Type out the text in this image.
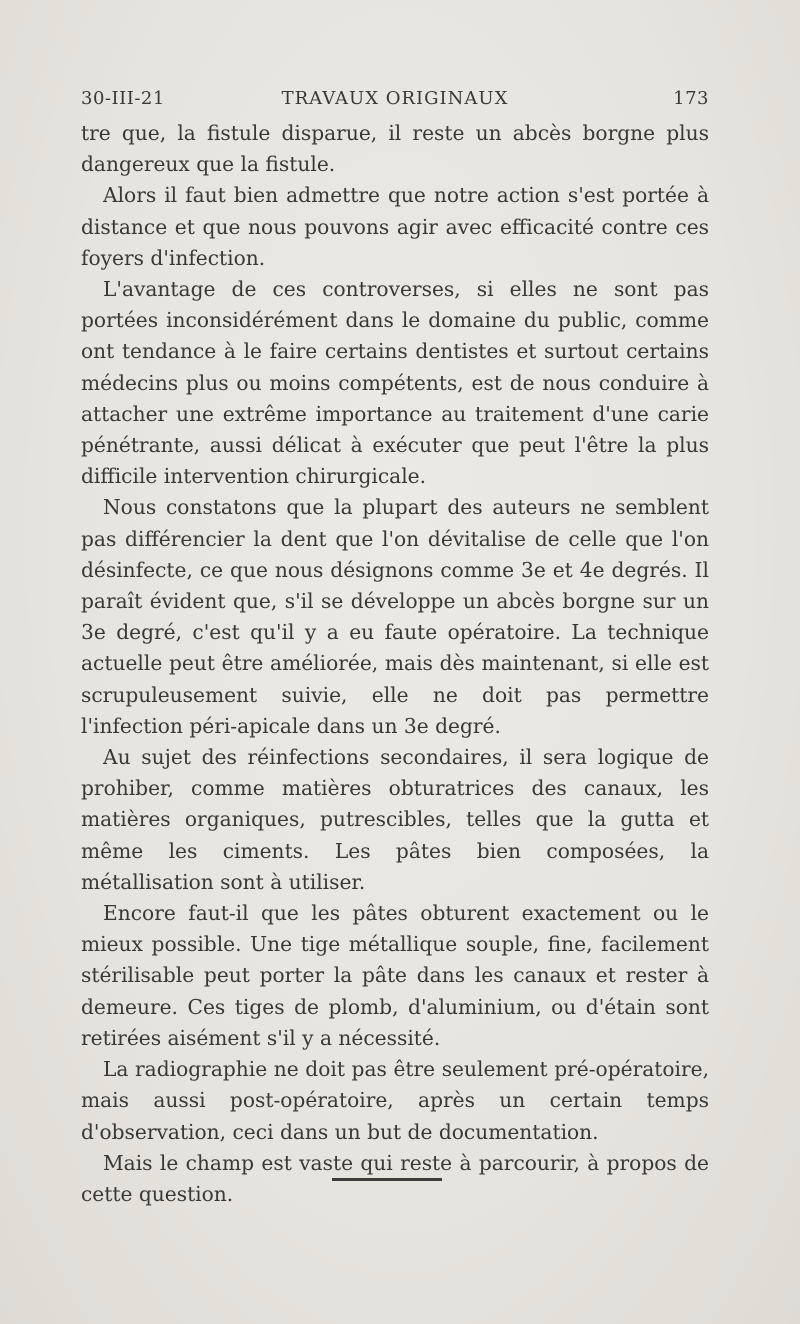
30-III-21	TRAVAUX ORIGINAUX	173

tre que, la fistule disparue, il reste un abcès borgne plus dangereux que la fistule.

Alors il faut bien admettre que notre action s'est portée à distance et que nous pouvons agir avec efficacité contre ces foyers d'infection.

L'avantage de ces controverses, si elles ne sont pas portées inconsidérément dans le domaine du public, comme ont tendance à le faire certains dentistes et surtout certains médecins plus ou moins compétents, est de nous conduire à attacher une extrême importance au traitement d'une carie pénétrante, aussi délicat à exécuter que peut l'être la plus difficile intervention chirurgicale.

Nous constatons que la plupart des auteurs ne semblent pas différencier la dent que l'on dévitalise de celle que l'on désinfecte, ce que nous désignons comme 3e et 4e degrés. Il paraît évident que, s'il se développe un abcès borgne sur un 3e degré, c'est qu'il y a eu faute opératoire. La technique actuelle peut être améliorée, mais dès maintenant, si elle est scrupuleusement suivie, elle ne doit pas permettre l'infection péri-apicale dans un 3e degré.

Au sujet des réinfections secondaires, il sera logique de prohiber, comme matières obturatrices des canaux, les matières organiques, putrescibles, telles que la gutta et même les ciments. Les pâtes bien composées, la métallisation sont à utiliser.

Encore faut-il que les pâtes obturent exactement ou le mieux possible. Une tige métallique souple, fine, facilement stérilisable peut porter la pâte dans les canaux et rester à demeure. Ces tiges de plomb, d'aluminium, ou d'étain sont retirées aisément s'il y a nécessité.

La radiographie ne doit pas être seulement pré-opératoire, mais aussi post-opératoire, après un certain temps d'observation, ceci dans un but de documentation.

Mais le champ est vaste qui reste à parcourir, à propos de cette question.
